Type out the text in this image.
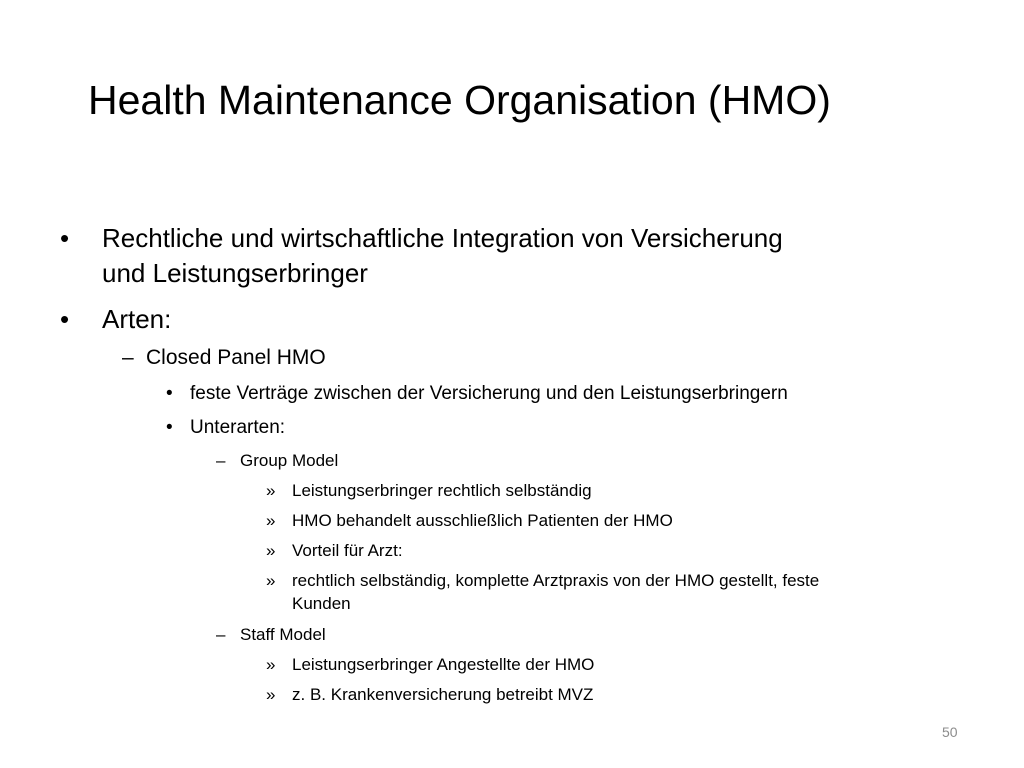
Health Maintenance Organisation (HMO)
• Rechtliche und wirtschaftliche Integration von Versicherung
und Leistungserbringer
• Arten:
– Closed Panel HMO
• feste Verträge zwischen der Versicherung und den Leistungserbringern
• Unterarten:
– Group Model
» Leistungserbringer rechtlich selbständig
» HMO behandelt ausschließlich Patienten der HMO
» Vorteil für Arzt:
» rechtlich selbständig, komplette Arztpraxis von der HMO gestellt, feste
Kunden
– Staff Model
» Leistungserbringer Angestellte der HMO
» z. B. Krankenversicherung betreibt MVZ
50
